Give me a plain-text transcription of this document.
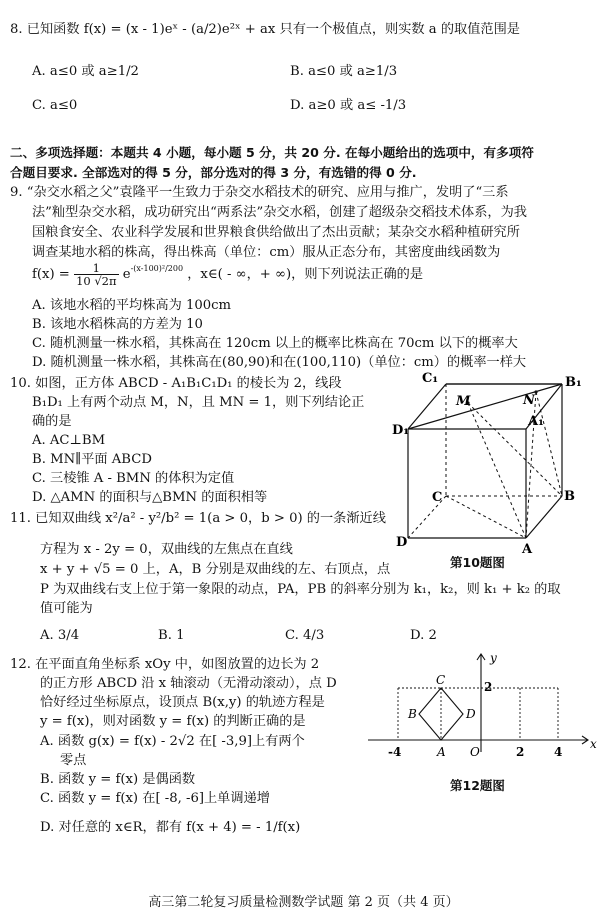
8. 已知函数 f(x) = (x - 1)eˣ - (a/2)e²ˣ + ax 只有一个极值点，则实数 a 的取值范围是
A. a≤0 或 a≥1/2	B. a≤0 或 a≥1/3
C. a≤0	D. a≥0 或 a≤ -1/3
二、多项选择题：本题共 4 小题，每小题 5 分，共 20 分. 在每小题给出的选项中，有多项符
合题目要求. 全部选对的得 5 分，部分选对的得 3 分，有选错的得 0 分.
9. “杂交水稻之父”袁隆平一生致力于杂交水稻技术的研究、应用与推广，发明了“三系
法”籼型杂交水稻，成功研究出“两系法”杂交水稻，创建了超级杂交稻技术体系，为我
国粮食安全、农业科学发展和世界粮食供给做出了杰出贡献；某杂交水稻种植研究所
调查某地水稻的株高，得出株高（单位：cm）服从正态分布，其密度曲线函数为
$f(x) = \frac{1}{10 √2\pi} e^{-(x-100)^2/200}$ ，x∈( - ∞，+ ∞)，则下列说法正确的是
A. 该地水稻的平均株高为 100cm
B. 该地水稻株高的方差为 10
C. 随机测量一株水稻，其株高在 120cm 以上的概率比株高在 70cm 以下的概率大
D. 随机测量一株水稻，其株高在(80,90)和在(100,110)（单位：cm）的概率一样大
10. 如图，正方体 ABCD - A₁B₁C₁D₁ 的棱长为 2，线段
B₁D₁ 上有两个动点 M，N，且 MN = 1，则下列结论正
确的是
A. AC⊥BM
B. MN∥平面 ABCD
C. 三棱锥 A - BMN 的体积为定值
D. △AMN 的面积与△BMN 的面积相等
C₁	B₁
M	N
A₁
D₁
C	B
D	A
第10题图
11. 已知双曲线 x²/a² - y²/b² = 1(a > 0，b > 0) 的一条渐近线
方程为 x - 2y = 0，双曲线的左焦点在直线
x + y + √5 = 0 上，A，B 分别是双曲线的左、右顶点，点
P 为双曲线右支上位于第一象限的动点，PA，PB 的斜率分别为 k₁，k₂，则 k₁ + k₂ 的取
值可能为
A. 3/4	B. 1	C. 4/3	D. 2
12. 在平面直角坐标系 xOy 中，如图放置的边长为 2
的正方形 ABCD 沿 x 轴滚动（无滑动滚动），点 D
恰好经过坐标原点，设顶点 B(x,y) 的轨迹方程是
y = f(x)，则对函数 y = f(x) 的判断正确的是
A. 函数 g(x) = f(x) - 2√2 在[ -3,9]上有两个
零点
B. 函数 y = f(x) 是偶函数
C. 函数 y = f(x) 在[ -8, -6]上单调递增
D. 对任意的 x∈R，都有 f(x + 4) = - 1/f(x)
C
y
B	D
2
-4	A O	2 4
x
第12题图
高三第二轮复习质量检测数学试题 第 2 页（共 4 页）
